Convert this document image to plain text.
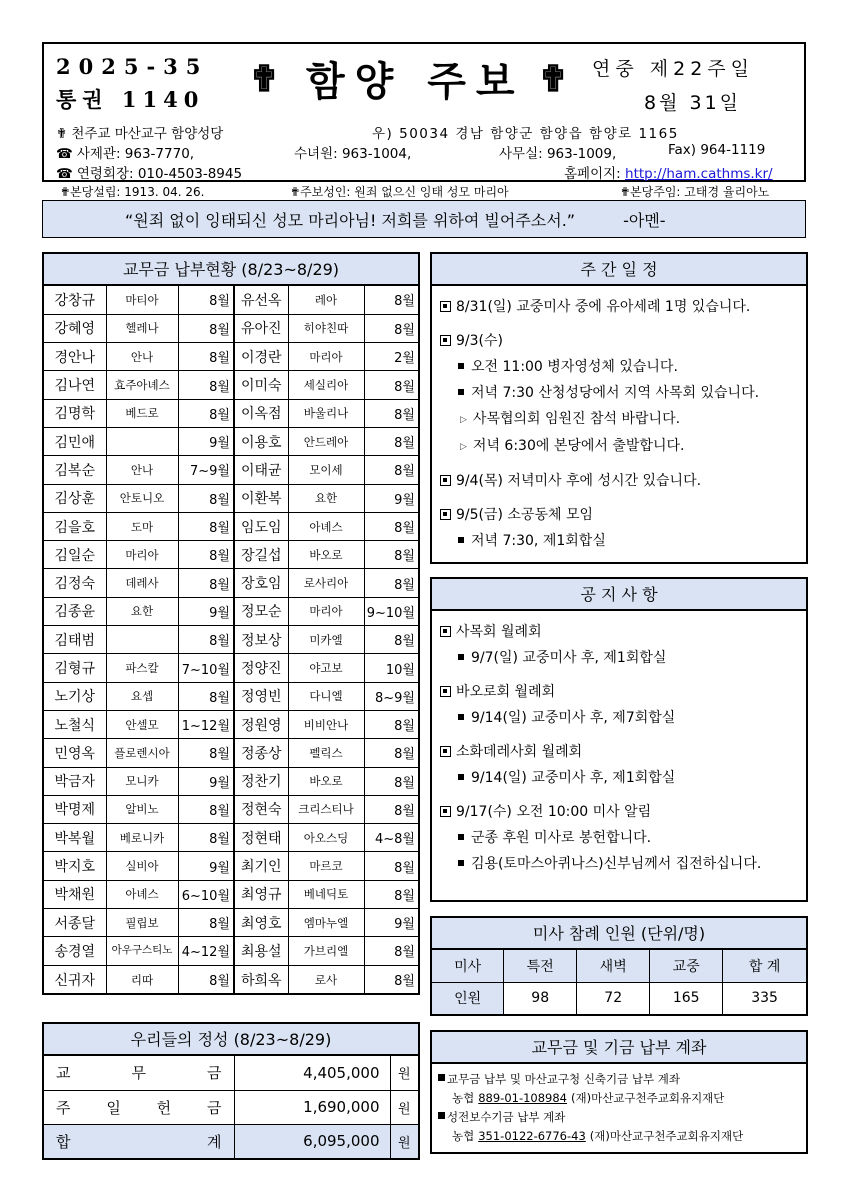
2025-35
통권 1140 ✟ 함양 주보 ✟ 연중 제22주일
8월 31일
✟ 천주교 마산교구 함양성당	우) 50034 경남 함양군 함양읍 함양로 1165
☎ 사제관: 963-7770,	수녀원: 963-1004,	사무실: 963-1009,	Fax) 964-1119
☎ 연령회장: 010-4503-8945	홈페이지: http://ham.cathms.kr/
✟본당설립: 1913. 04. 26.	✟주보성인: 원죄 없으신 잉태 성모 마리아	✟본당주임: 고태경 율리아노
“원죄 없이 잉태되신 성모 마리아님! 저희를 위하여 빌어주소서.”	-아멘-
교무금 납부현황 (8/23~8/29)
강창규	마티아	8월	유선옥	레아	8월
강혜영	헬레나	8월	유아진	히야친따	8월
경안나	안나	8월	이경란	마리아	2월
김나연	효주아녜스	8월	이미숙	세실리아	8월
김명학	베드로	8월	이옥점	바울리나	8월
김민애		9월	이용호	안드레아	8월
김복순	안나	7~9월	이태균	모이세	8월
김상훈	안토니오	8월	이환복	요한	9월
김을호	도마	8월	임도임	아녜스	8월
김일순	마리아	8월	장길섭	바오로	8월
김정숙	데레사	8월	장호임	로사리아	8월
김종윤	요한	9월	정모순	마리아	9~10월
김태범		8월	정보상	미카엘	8월
김형규	파스칼	7~10월	정양진	야고보	10월
노기상	요셉	8월	정영빈	다니엘	8~9월
노철식	안셀모	1~12월	정원영	비비안나	8월
민영옥	플로렌시아	8월	정종상	펠릭스	8월
박금자	모니카	9월	정찬기	바오로	8월
박명제	알비노	8월	정현숙	크리스티나	8월
박복월	베로니카	8월	정현태	아오스딩	4~8월
박지호	실비아	9월	최기인	마르코	8월
박채원	아녜스	6~10월	최영규	베네딕토	8월
서종달	필립보	8월	최영호	엠마누엘	9월
송경열	아우구스티노	4~12월	최용설	가브리엘	8월
신귀자	리따	8월	하희옥	로사	8월
우리들의 정성 (8/23~8/29)
교 무 금	4,405,000	원

주 일 헌 금	1,690,000	원

합 계	6,095,000	원
주 간 일 정
8/31(일) 교중미사 중에 유아세례 1명 있습니다.
9/3(수)
오전 11:00 병자영성체 있습니다.
저녁 7:30 산청성당에서 지역 사목회 있습니다.
▷ 사목협의회 임원진 참석 바랍니다.
▷ 저녁 6:30에 본당에서 출발합니다.
9/4(목) 저녁미사 후에 성시간 있습니다.
9/5(금) 소공동체 모임
저녁 7:30, 제1회합실
공 지 사 항
사목회 월례회
9/7(일) 교중미사 후, 제1회합실
바오로회 월례회
9/14(일) 교중미사 후, 제7회합실
소화데레사회 월례회
9/14(일) 교중미사 후, 제1회합실
9/17(수) 오전 10:00 미사 알림
군종 후원 미사로 봉헌합니다.
김용(토마스아퀴나스)신부님께서 집전하십니다.
미사 참례 인원 (단위/명)
미사	특전	새벽	교중	합 계
인원	98	72	165	335
교무금 및 기금 납부 계좌
교무금 납부 및 마산교구청 신축기금 납부 계좌
농협 889-01-108984 (재)마산교구천주교회유지재단
성전보수기금 납부 계좌
농협 351-0122-6776-43 (재)마산교구천주교회유지재단
